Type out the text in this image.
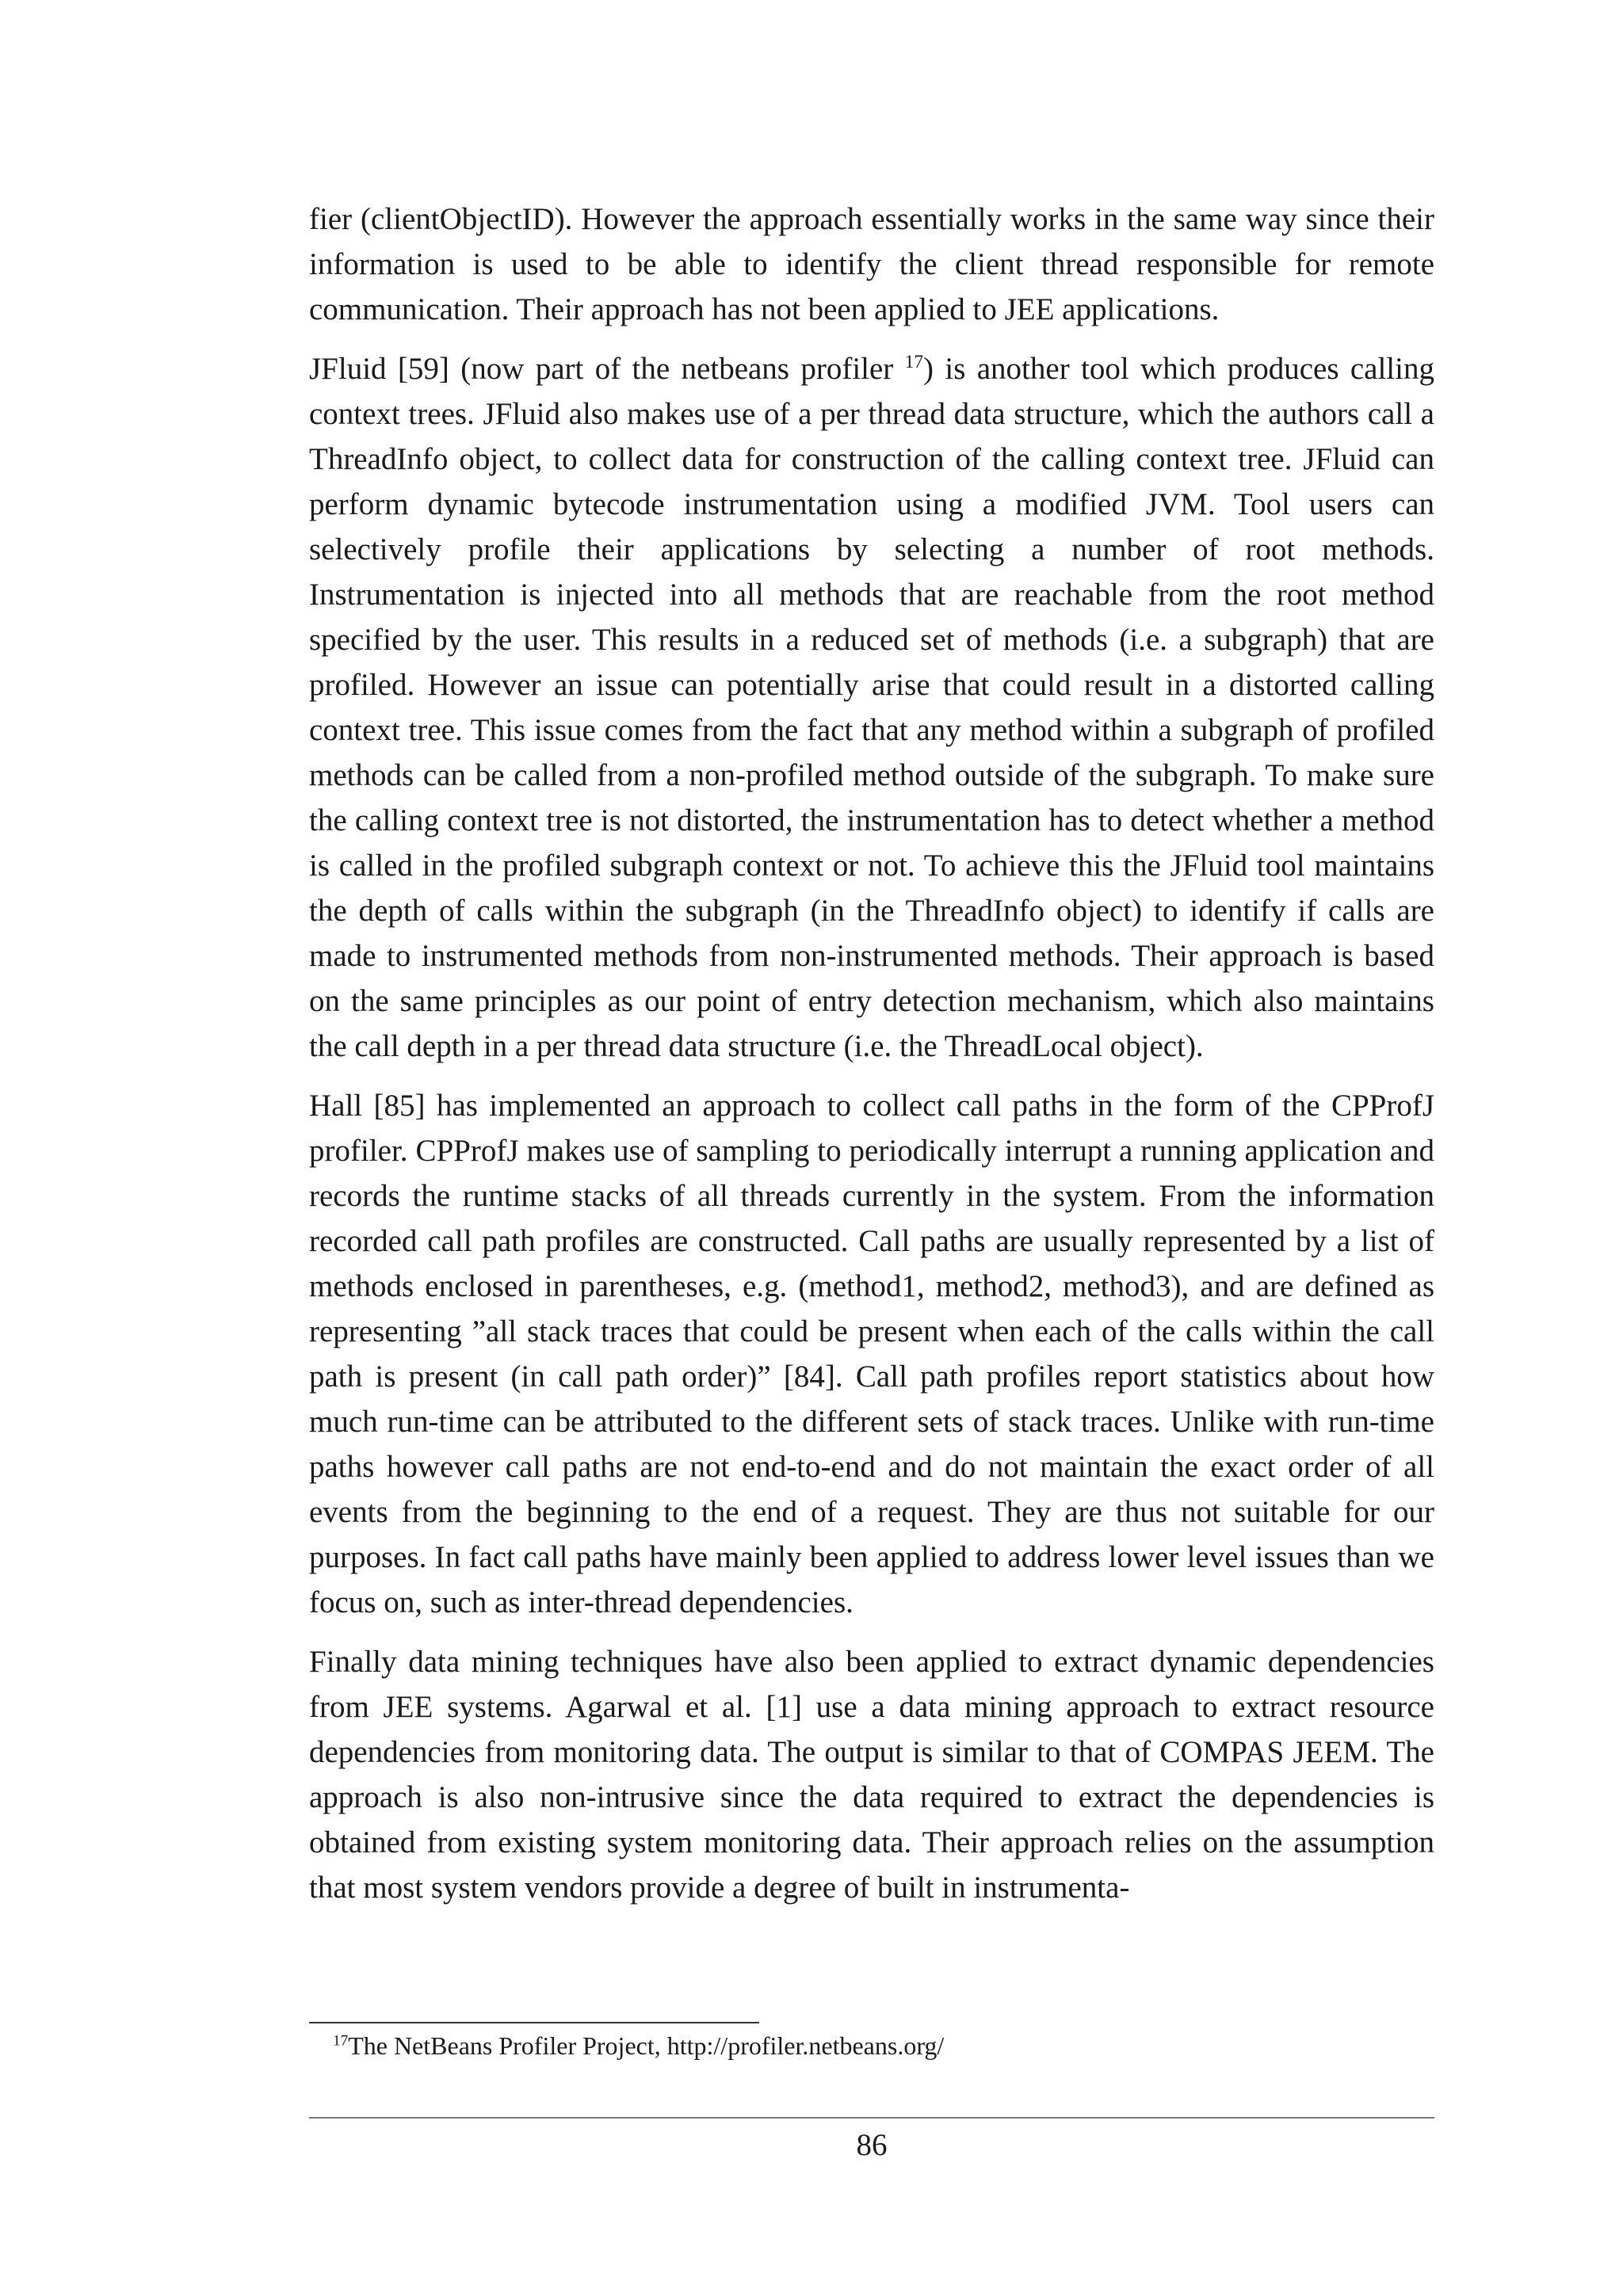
fier (clientObjectID). However the approach essentially works in the same way since their information is used to be able to identify the client thread responsible for remote communication. Their approach has not been applied to JEE applications.

JFluid [59] (now part of the netbeans profiler $^{17}$) is another tool which produces calling context trees. JFluid also makes use of a per thread data structure, which the authors call a ThreadInfo object, to collect data for construction of the calling context tree. JFluid can perform dynamic bytecode instrumentation using a modified JVM. Tool users can selectively profile their applications by selecting a number of root methods. Instrumentation is injected into all methods that are reachable from the root method specified by the user. This results in a reduced set of methods (i.e. a subgraph) that are profiled. However an issue can potentially arise that could result in a distorted calling context tree. This issue comes from the fact that any method within a subgraph of profiled methods can be called from a non-profiled method outside of the subgraph. To make sure the calling context tree is not distorted, the instrumentation has to detect whether a method is called in the profiled subgraph context or not. To achieve this the JFluid tool maintains the depth of calls within the subgraph (in the ThreadInfo object) to identify if calls are made to instrumented methods from non-instrumented methods. Their approach is based on the same principles as our point of entry detection mechanism, which also maintains the call depth in a per thread data structure (i.e. the ThreadLocal object).

Hall [85] has implemented an approach to collect call paths in the form of the CPProfJ profiler. CPProfJ makes use of sampling to periodically interrupt a running application and records the runtime stacks of all threads currently in the system. From the information recorded call path profiles are constructed. Call paths are usually represented by a list of methods enclosed in parentheses, e.g. (method1, method2, method3), and are defined as representing ”all stack traces that could be present when each of the calls within the call path is present (in call path order)” [84]. Call path profiles report statistics about how much run-time can be attributed to the different sets of stack traces. Unlike with run-time paths however call paths are not end-to-end and do not maintain the exact order of all events from the beginning to the end of a request. They are thus not suitable for our purposes. In fact call paths have mainly been applied to address lower level issues than we focus on, such as inter-thread dependencies.

Finally data mining techniques have also been applied to extract dynamic dependencies from JEE systems. Agarwal et al. [1] use a data mining approach to extract resource dependencies from monitoring data. The output is similar to that of COMPAS JEEM. The approach is also non-intrusive since the data required to extract the dependencies is obtained from existing system monitoring data. Their approach relies on the assumption that most system vendors provide a degree of built in instrumenta-

$^{17}$The NetBeans Profiler Project, http://profiler.netbeans.org/

86
